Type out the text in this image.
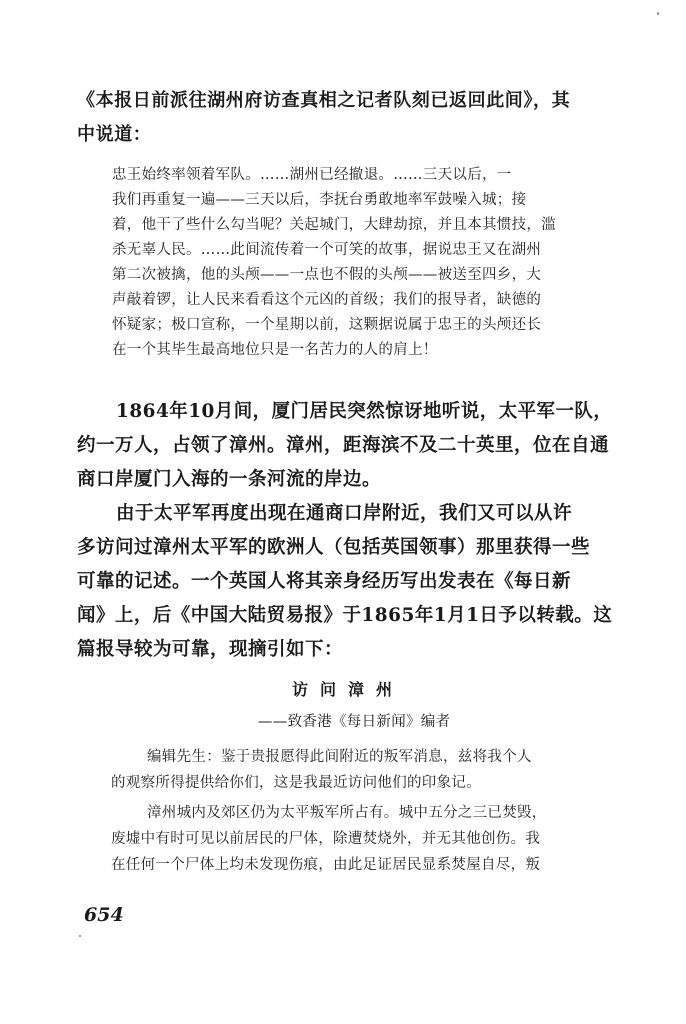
《本报日前派往湖州府访查真相之记者队刻已返回此间》，其

中说道：

忠王始终率领着军队。……湖州已经撤退。……三天以后，一

我们再重复一遍——三天以后，李抚台勇敢地率军鼓噪入城；接

着，他干了些什么勾当呢？关起城门，大肆劫掠，并且本其惯技，滥

杀无辜人民。……此间流传着一个可笑的故事，据说忠王又在湖州

第二次被擒，他的头颅——一点也不假的头颅——被送至四乡，大

声敲着锣，让人民来看看这个元凶的首级；我们的报导者，缺德的

怀疑家；极口宣称，一个星期以前，这颗据说属于忠王的头颅还长

在一个其毕生最高地位只是一名苦力的人的肩上！

1864年10月间，厦门居民突然惊讶地听说，太平军一队，

约一万人，占领了漳州。漳州，距海滨不及二十英里，位在自通

商口岸厦门入海的一条河流的岸边。

由于太平军再度出现在通商口岸附近，我们又可以从许

多访问过漳州太平军的欧洲人（包括英国领事）那里获得一些

可靠的记述。一个英国人将其亲身经历写出发表在《每日新

闻》上，后《中国大陆贸易报》于1865年1月1日予以转载。这

篇报导较为可靠，现摘引如下：

访问漳州

——致香港《每日新闻》编者

编辑先生：鉴于贵报愿得此间附近的叛军消息，兹将我个人

的观察所得提供给你们，这是我最近访问他们的印象记。

漳州城内及郊区仍为太平叛军所占有。城中五分之三已焚毁，

废墟中有时可见以前居民的尸体，除遭焚烧外，并无其他创伤。我

在任何一个尸体上均未发现伤痕，由此足证居民显系焚屋自尽，叛

654
